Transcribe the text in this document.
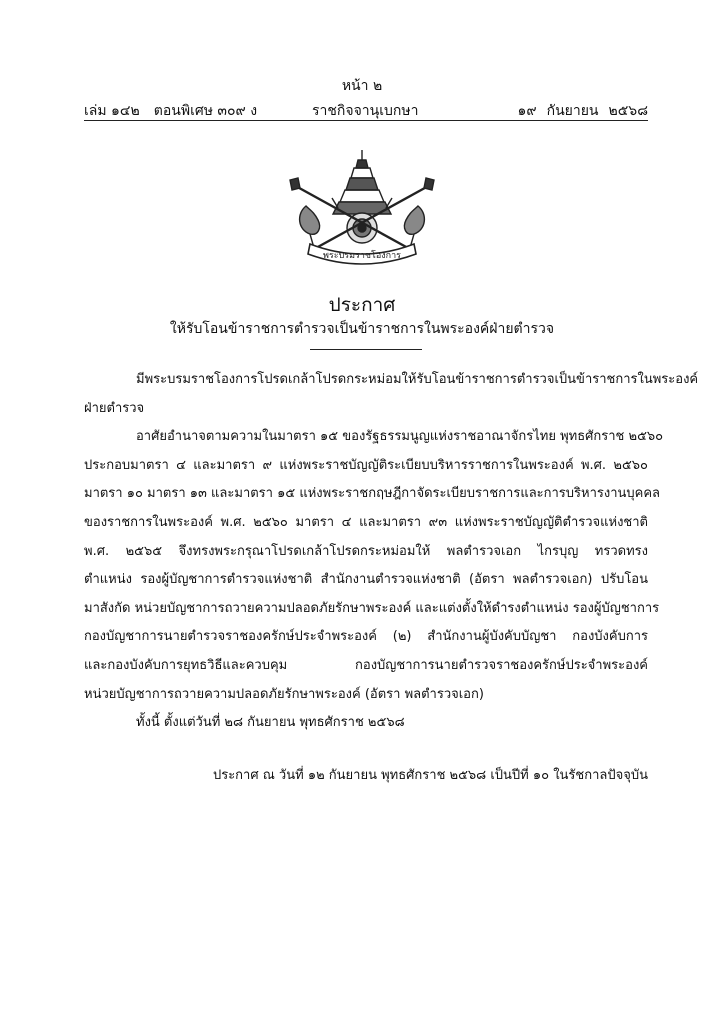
หน้า ๒
เล่ม ๑๔๒ ตอนพิเศษ ๓๐๙ ง	ราชกิจจานุเบกษา	๑๙ กันยายน ๒๕๖๘
พระบรมราชโองการ
ประกาศ
ให้รับโอนข้าราชการตำรวจเป็นข้าราชการในพระองค์ฝ่ายตำรวจ
มีพระบรมราชโองการโปรดเกล้าโปรดกระหม่อมให้รับโอนข้าราชการตำรวจเป็นข้าราชการในพระองค์
ฝ่ายตำรวจ
อาศัยอำนาจตามความในมาตรา ๑๕ ของรัฐธรรมนูญแห่งราชอาณาจักรไทย พุทธศักราช ๒๕๖๐
ประกอบมาตรา ๔ และมาตรา ๙ แห่งพระราชบัญญัติระเบียบบริหารราชการในพระองค์ พ.ศ. ๒๕๖๐
มาตรา ๑๐ มาตรา ๑๓ และมาตรา ๑๕ แห่งพระราชกฤษฎีกาจัดระเบียบราชการและการบริหารงานบุคคล
ของราชการในพระองค์ พ.ศ. ๒๕๖๐ มาตรา ๔ และมาตรา ๙๓ แห่งพระราชบัญญัติตำรวจแห่งชาติ
พ.ศ. ๒๕๖๕ จึงทรงพระกรุณาโปรดเกล้าโปรดกระหม่อมให้ พลตำรวจเอก ไกรบุญ ทรวดทรง
ตำแหน่ง รองผู้บัญชาการตำรวจแห่งชาติ สำนักงานตำรวจแห่งชาติ (อัตรา พลตำรวจเอก) ปรับโอน
มาสังกัด หน่วยบัญชาการถวายความปลอดภัยรักษาพระองค์ และแต่งตั้งให้ดำรงตำแหน่ง รองผู้บัญชาการ
กองบัญชาการนายตำรวจราชองครักษ์ประจำพระองค์ (๒) สำนักงานผู้บังคับบัญชา กองบังคับการ
และกองบังคับการยุทธวิธีและควบคุม กองบัญชาการนายตำรวจราชองครักษ์ประจำพระองค์
หน่วยบัญชาการถวายความปลอดภัยรักษาพระองค์ (อัตรา พลตำรวจเอก)
ทั้งนี้ ตั้งแต่วันที่ ๒๘ กันยายน พุทธศักราช ๒๕๖๘
ประกาศ ณ วันที่ ๑๒ กันยายน พุทธศักราช ๒๕๖๘ เป็นปีที่ ๑๐ ในรัชกาลปัจจุบัน
